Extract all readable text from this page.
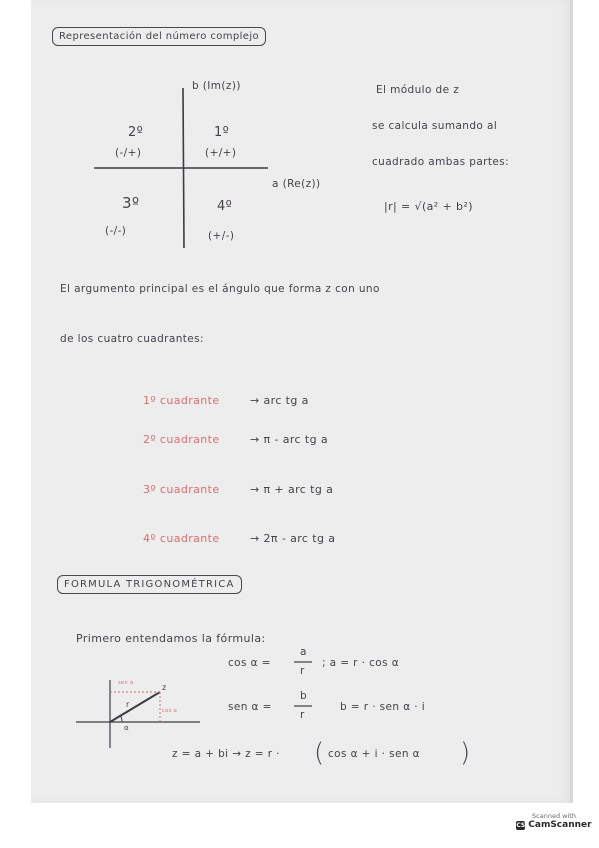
Representación del número complejo
b (Im(z))
a (Re(z))
2º
(-/+)
1º
(+/+)
3º
(-/-)
4º
(+/-)
El módulo de z
se calcula sumando al
cuadrado ambas partes:
|r| = √(a² + b²)
El argumento principal es el ángulo que forma z con uno
de los cuatro cuadrantes:
1º cuadrante	→ arc tg a
2º cuadrante	→ π - arc tg a
3º cuadrante	→ π + arc tg a
4º cuadrante	→ 2π - arc tg a
FORMULA TRIGONOMÉTRICA
Primero entendamos la fórmula:
cos α =
a
r
; a = r · cos α
sen α =
b
r
b = r · sen α · i
z = a + bi → z = r · ( cos α + i · sen α )
z
r
sen α
cos α
α
Scanned with
CS CamScanner
